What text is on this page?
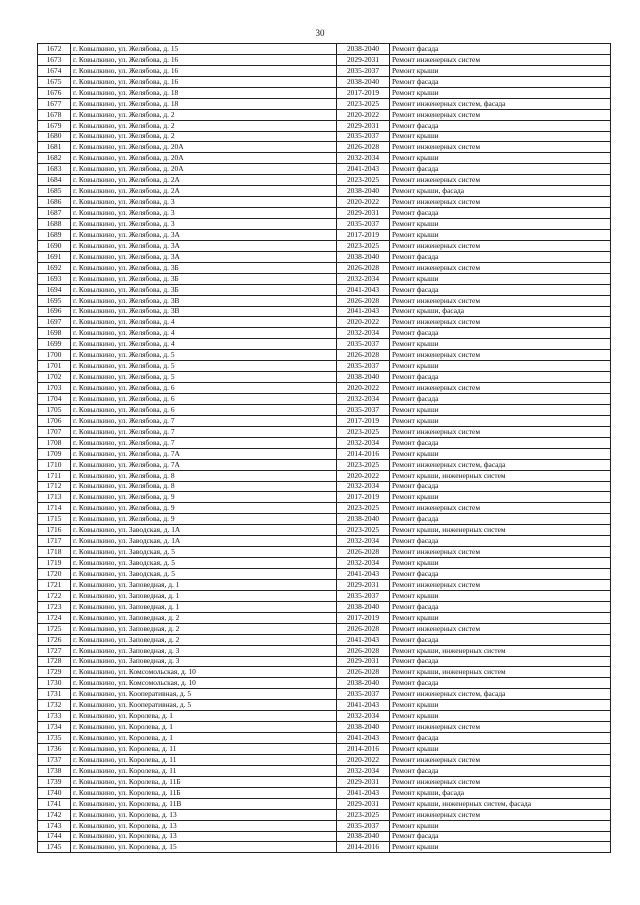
30
1672	г. Ковылкино, ул. Желябова, д. 15	2038-2040	Ремонт фасада
1673	г. Ковылкино, ул. Желябова, д. 16	2029-2031	Ремонт инженерных систем
1674	г. Ковылкино, ул. Желябова, д. 16	2035-2037	Ремонт крыши
1675	г. Ковылкино, ул. Желябова, д. 16	2038-2040	Ремонт фасада
1676	г. Ковылкино, ул. Желябова, д. 18	2017-2019	Ремонт крыши
1677	г. Ковылкино, ул. Желябова, д. 18	2023-2025	Ремонт инженерных систем, фасада
1678	г. Ковылкино, ул. Желябова, д. 2	2020-2022	Ремонт инженерных систем
1679	г. Ковылкино, ул. Желябова, д. 2	2029-2031	Ремонт фасада
1680	г. Ковылкино, ул. Желябова, д. 2	2035-2037	Ремонт крыши
1681	г. Ковылкино, ул. Желябова, д. 20А	2026-2028	Ремонт инженерных систем
1682	г. Ковылкино, ул. Желябова, д. 20А	2032-2034	Ремонт крыши
1683	г. Ковылкино, ул. Желябова, д. 20А	2041-2043	Ремонт фасада
1684	г. Ковылкино, ул. Желябова, д. 2А	2023-2025	Ремонт инженерных систем
1685	г. Ковылкино, ул. Желябова, д. 2А	2038-2040	Ремонт крыши, фасада
1686	г. Ковылкино, ул. Желябова, д. 3	2020-2022	Ремонт инженерных систем
1687	г. Ковылкино, ул. Желябова, д. 3	2029-2031	Ремонт фасада
1688	г. Ковылкино, ул. Желябова, д. 3	2035-2037	Ремонт крыши
1689	г. Ковылкино, ул. Желябова, д. 3А	2017-2019	Ремонт крыши
1690	г. Ковылкино, ул. Желябова, д. 3А	2023-2025	Ремонт инженерных систем
1691	г. Ковылкино, ул. Желябова, д. 3А	2038-2040	Ремонт фасада
1692	г. Ковылкино, ул. Желябова, д. 3Б	2026-2028	Ремонт инженерных систем
1693	г. Ковылкино, ул. Желябова, д. 3Б	2032-2034	Ремонт крыши
1694	г. Ковылкино, ул. Желябова, д. 3Б	2041-2043	Ремонт фасада
1695	г. Ковылкино, ул. Желябова, д. 3В	2026-2028	Ремонт инженерных систем
1696	г. Ковылкино, ул. Желябова, д. 3В	2041-2043	Ремонт крыши, фасада
1697	г. Ковылкино, ул. Желябова, д. 4	2020-2022	Ремонт инженерных систем
1698	г. Ковылкино, ул. Желябова, д. 4	2032-2034	Ремонт фасада
1699	г. Ковылкино, ул. Желябова, д. 4	2035-2037	Ремонт крыши
1700	г. Ковылкино, ул. Желябова, д. 5	2026-2028	Ремонт инженерных систем
1701	г. Ковылкино, ул. Желябова, д. 5	2035-2037	Ремонт крыши
1702	г. Ковылкино, ул. Желябова, д. 5	2038-2040	Ремонт фасада
1703	г. Ковылкино, ул. Желябова, д. 6	2020-2022	Ремонт инженерных систем
1704	г. Ковылкино, ул. Желябова, д. 6	2032-2034	Ремонт фасада
1705	г. Ковылкино, ул. Желябова, д. 6	2035-2037	Ремонт крыши
1706	г. Ковылкино, ул. Желябова, д. 7	2017-2019	Ремонт крыши
1707	г. Ковылкино, ул. Желябова, д. 7	2023-2025	Ремонт инженерных систем
1708	г. Ковылкино, ул. Желябова, д. 7	2032-2034	Ремонт фасада
1709	г. Ковылкино, ул. Желябова, д. 7А	2014-2016	Ремонт крыши
1710	г. Ковылкино, ул. Желябова, д. 7А	2023-2025	Ремонт инженерных систем, фасада
1711	г. Ковылкино, ул. Желябова, д. 8	2020-2022	Ремонт крыши, инженерных систем
1712	г. Ковылкино, ул. Желябова, д. 8	2032-2034	Ремонт фасада
1713	г. Ковылкино, ул. Желябова, д. 9	2017-2019	Ремонт крыши
1714	г. Ковылкино, ул. Желябова, д. 9	2023-2025	Ремонт инженерных систем
1715	г. Ковылкино, ул. Желябова, д. 9	2038-2040	Ремонт фасада
1716	г. Ковылкино, ул. Заводская, д. 1А	2023-2025	Ремонт крыши, инженерных систем
1717	г. Ковылкино, ул. Заводская, д. 1А	2032-2034	Ремонт фасада
1718	г. Ковылкино, ул. Заводская, д. 5	2026-2028	Ремонт инженерных систем
1719	г. Ковылкино, ул. Заводская, д. 5	2032-2034	Ремонт крыши
1720	г. Ковылкино, ул. Заводская, д. 5	2041-2043	Ремонт фасада
1721	г. Ковылкино, ул. Заповедная, д. 1	2029-2031	Ремонт инженерных систем
1722	г. Ковылкино, ул. Заповедная, д. 1	2035-2037	Ремонт крыши
1723	г. Ковылкино, ул. Заповедная, д. 1	2038-2040	Ремонт фасада
1724	г. Ковылкино, ул. Заповедная, д. 2	2017-2019	Ремонт крыши
1725	г. Ковылкино, ул. Заповедная, д. 2	2026-2028	Ремонт инженерных систем
1726	г. Ковылкино, ул. Заповедная, д. 2	2041-2043	Ремонт фасада
1727	г. Ковылкино, ул. Заповедная, д. 3	2026-2028	Ремонт крыши, инженерных систем
1728	г. Ковылкино, ул. Заповедная, д. 3	2029-2031	Ремонт фасада
1729	г. Ковылкино, ул. Комсомольская, д. 10	2026-2028	Ремонт крыши, инженерных систем
1730	г. Ковылкино, ул. Комсомольская, д. 10	2038-2040	Ремонт фасада
1731	г. Ковылкино, ул. Кооперативная, д. 5	2035-2037	Ремонт инженерных систем, фасада
1732	г. Ковылкино, ул. Кооперативная, д. 5	2041-2043	Ремонт крыши
1733	г. Ковылкино, ул. Королева, д. 1	2032-2034	Ремонт крыши
1734	г. Ковылкино, ул. Королева, д. 1	2038-2040	Ремонт инженерных систем
1735	г. Ковылкино, ул. Королева, д. 1	2041-2043	Ремонт фасада
1736	г. Ковылкино, ул. Королева, д. 11	2014-2016	Ремонт крыши
1737	г. Ковылкино, ул. Королева, д. 11	2020-2022	Ремонт инженерных систем
1738	г. Ковылкино, ул. Королева, д. 11	2032-2034	Ремонт фасада
1739	г. Ковылкино, ул. Королева, д. 11Б	2029-2031	Ремонт инженерных систем
1740	г. Ковылкино, ул. Королева, д. 11Б	2041-2043	Ремонт крыши, фасада
1741	г. Ковылкино, ул. Королева, д. 11В	2029-2031	Ремонт крыши, инженерных систем, фасада
1742	г. Ковылкино, ул. Королева, д. 13	2023-2025	Ремонт инженерных систем
1743	г. Ковылкино, ул. Королева, д. 13	2035-2037	Ремонт крыши
1744	г. Ковылкино, ул. Королева, д. 13	2038-2040	Ремонт фасада
1745	г. Ковылкино, ул. Королева, д. 15	2014-2016	Ремонт крыши
